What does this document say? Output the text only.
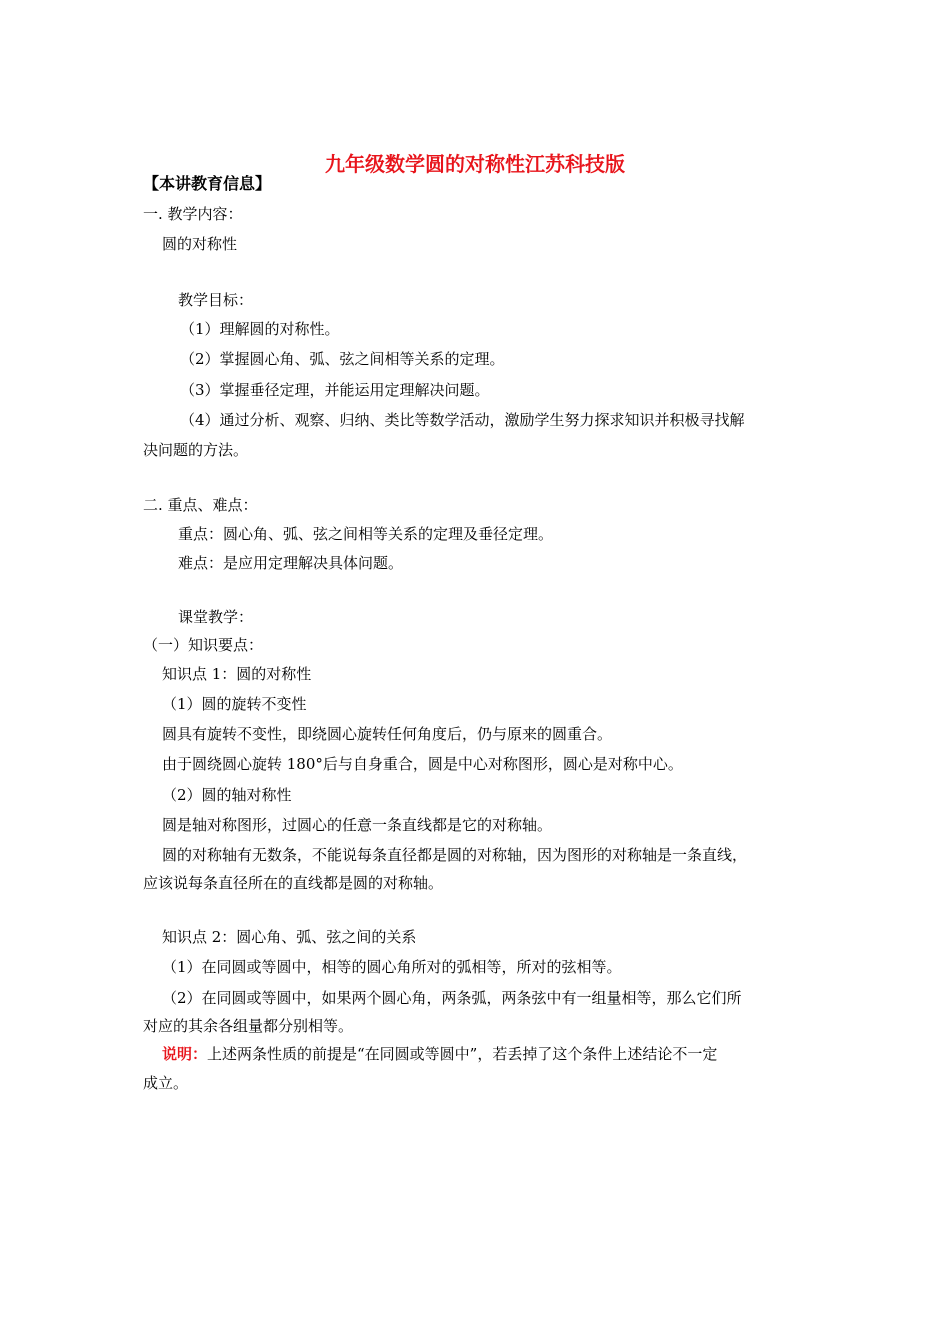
九年级数学圆的对称性江苏科技版
【本讲教育信息】
一. 教学内容：
圆的对称性
教学目标：
（1）理解圆的对称性。
（2）掌握圆心角、弧、弦之间相等关系的定理。
（3）掌握垂径定理，并能运用定理解决问题。
（4）通过分析、观察、归纳、类比等数学活动，激励学生努力探求知识并积极寻找解
决问题的方法。
二. 重点、难点：
重点：圆心角、弧、弦之间相等关系的定理及垂径定理。
难点：是应用定理解决具体问题。
课堂教学：
（一）知识要点：
知识点 1：圆的对称性
（1）圆的旋转不变性
圆具有旋转不变性，即绕圆心旋转任何角度后，仍与原来的圆重合。
由于圆绕圆心旋转 180°后与自身重合，圆是中心对称图形，圆心是对称中心。
（2）圆的轴对称性
圆是轴对称图形，过圆心的任意一条直线都是它的对称轴。
圆的对称轴有无数条，不能说每条直径都是圆的对称轴，因为图形的对称轴是一条直线，
应该说每条直径所在的直线都是圆的对称轴。
知识点 2：圆心角、弧、弦之间的关系
（1）在同圆或等圆中，相等的圆心角所对的弧相等，所对的弦相等。
（2）在同圆或等圆中，如果两个圆心角，两条弧，两条弦中有一组量相等，那么它们所
对应的其余各组量都分别相等。
说明：上述两条性质的前提是“在同圆或等圆中”，若丢掉了这个条件上述结论不一定
成立。
